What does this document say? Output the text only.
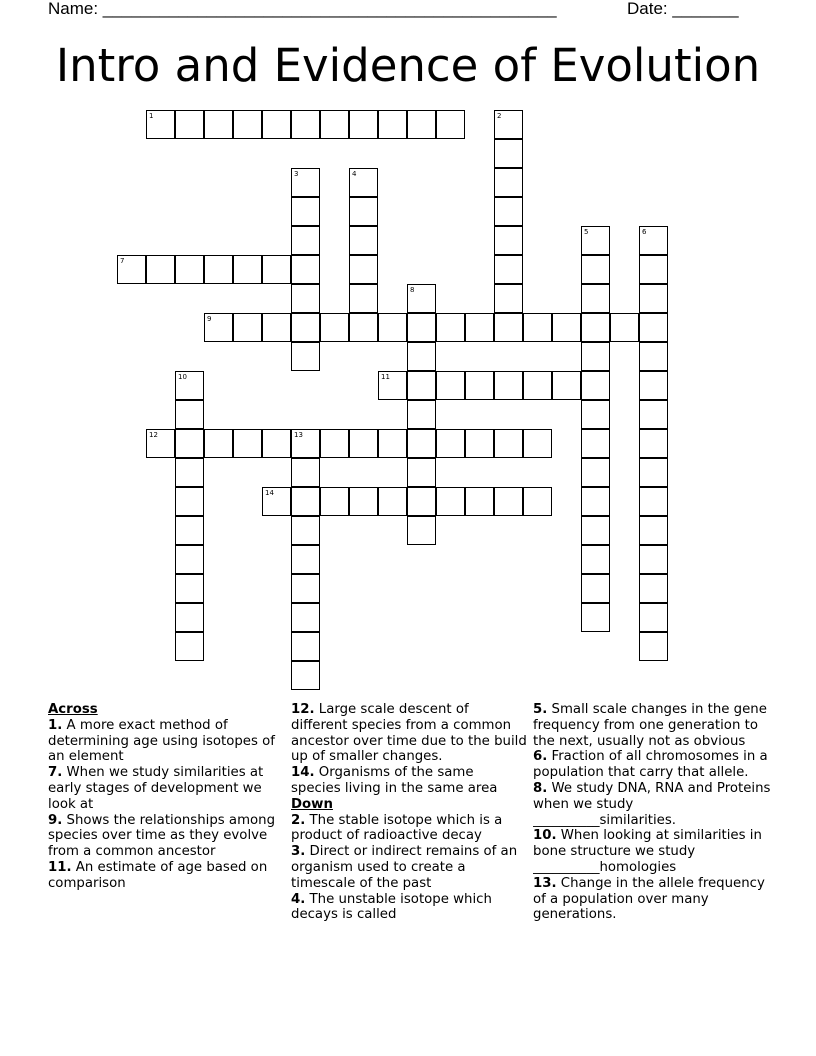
Name: ________________________________________________

	Date: _______

Intro and Evidence of Evolution
1	2
3	4
5	6
7
8
9
10	11
12	13
14
Across
1. A more exact method of determining age using isotopes of an element
7. When we study similarities at early stages of development we look at
9. Shows the relationships among species over time as they evolve from a common ancestor
11. An estimate of age based on comparison
12. Large scale descent of different species from a common ancestor over time due to the build up of smaller changes.
14. Organisms of the same species living in the same area
Down
2. The stable isotope which is a product of radioactive decay
3. Direct or indirect remains of an organism used to create a timescale of the past
4. The unstable isotope which decays is called
5. Small scale changes in the gene frequency from one generation to the next, usually not as obvious
6. Fraction of all chromosomes in a population that carry that allele.
8. We study DNA, RNA and Proteins when we study __________similarities.
10. When looking at similarities in bone structure we study __________homologies
13. Change in the allele frequency of a population over many generations.
